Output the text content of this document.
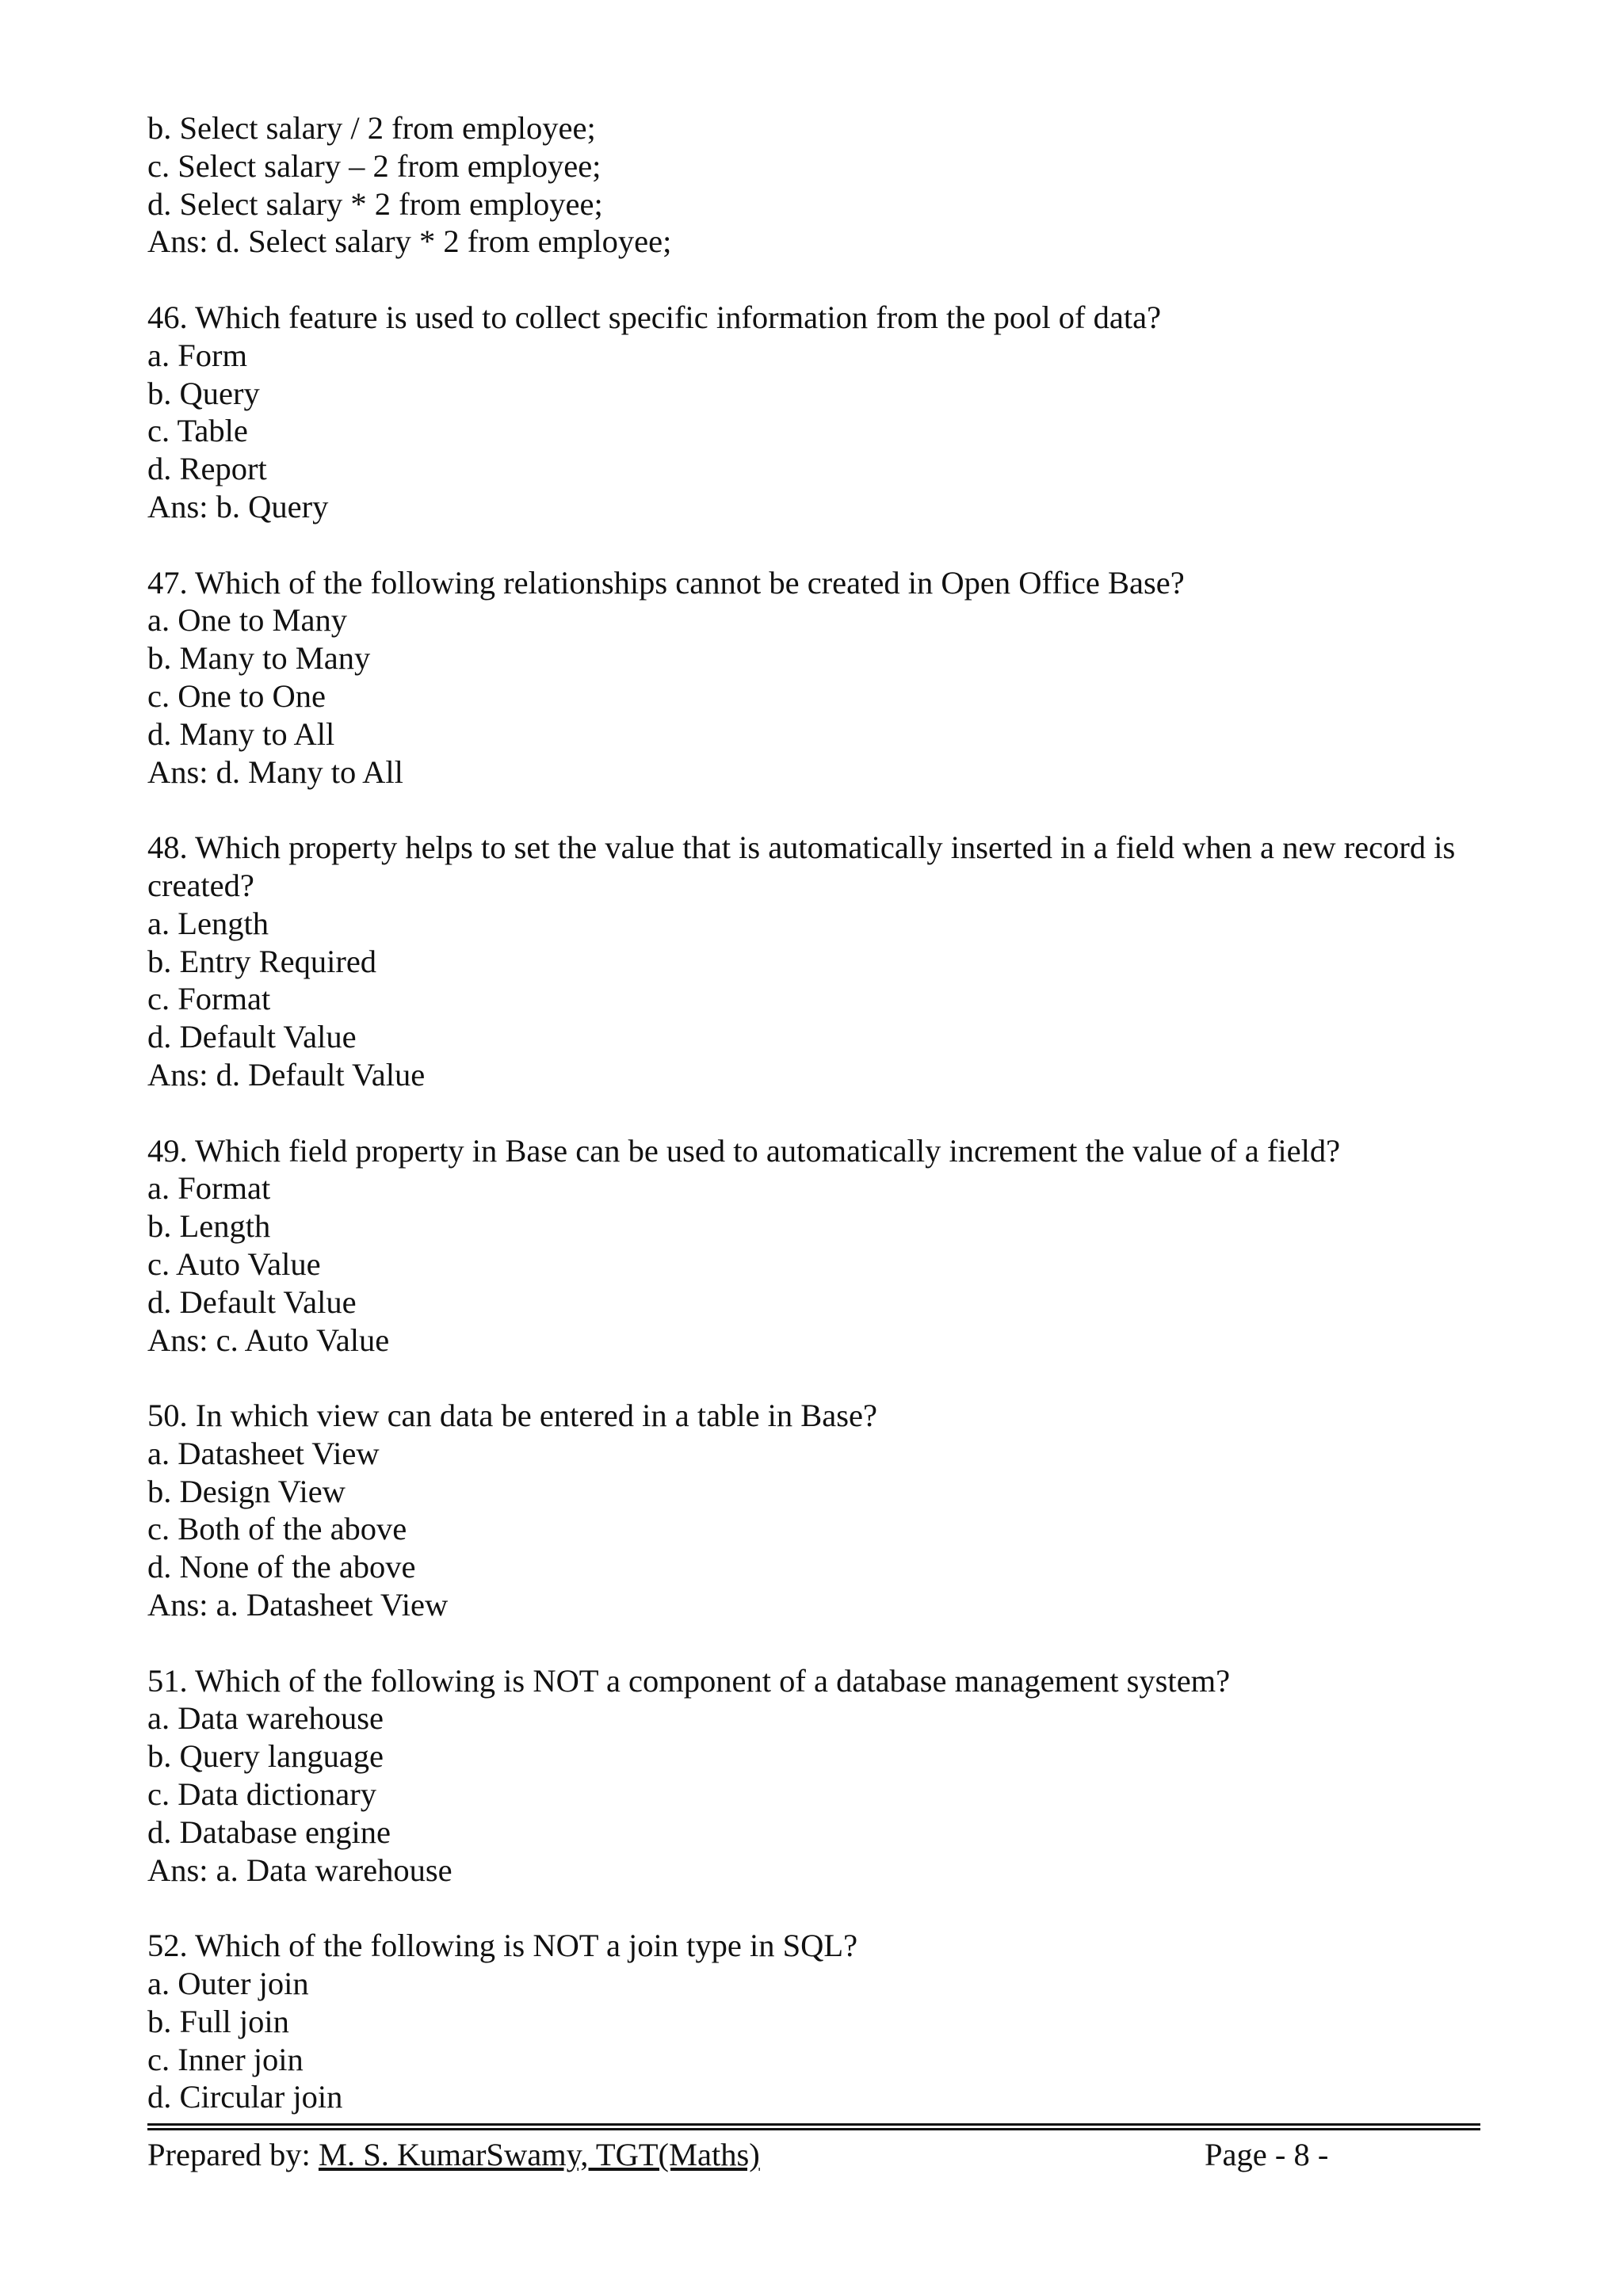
b. Select salary / 2 from employee;
c. Select salary – 2 from employee;
d. Select salary * 2 from employee;
Ans: d. Select salary * 2 from employee;
46. Which feature is used to collect specific information from the pool of data?
a. Form
b. Query
c. Table
d. Report
Ans: b. Query
47. Which of the following relationships cannot be created in Open Office Base?
a. One to Many
b. Many to Many
c. One to One
d. Many to All
Ans: d. Many to All
48. Which property helps to set the value that is automatically inserted in a field when a new record is created?
a. Length
b. Entry Required
c. Format
d. Default Value
Ans: d. Default Value
49. Which field property in Base can be used to automatically increment the value of a field?
a. Format
b. Length
c. Auto Value
d. Default Value
Ans: c. Auto Value
50. In which view can data be entered in a table in Base?
a. Datasheet View
b. Design View
c. Both of the above
d. None of the above
Ans: a. Datasheet View
51. Which of the following is NOT a component of a database management system?
a. Data warehouse
b. Query language
c. Data dictionary
d. Database engine
Ans: a. Data warehouse
52. Which of the following is NOT a join type in SQL?
a. Outer join
b. Full join
c. Inner join
d. Circular join
Prepared by: M. S. KumarSwamy, TGT(Maths)	Page - 8 -
